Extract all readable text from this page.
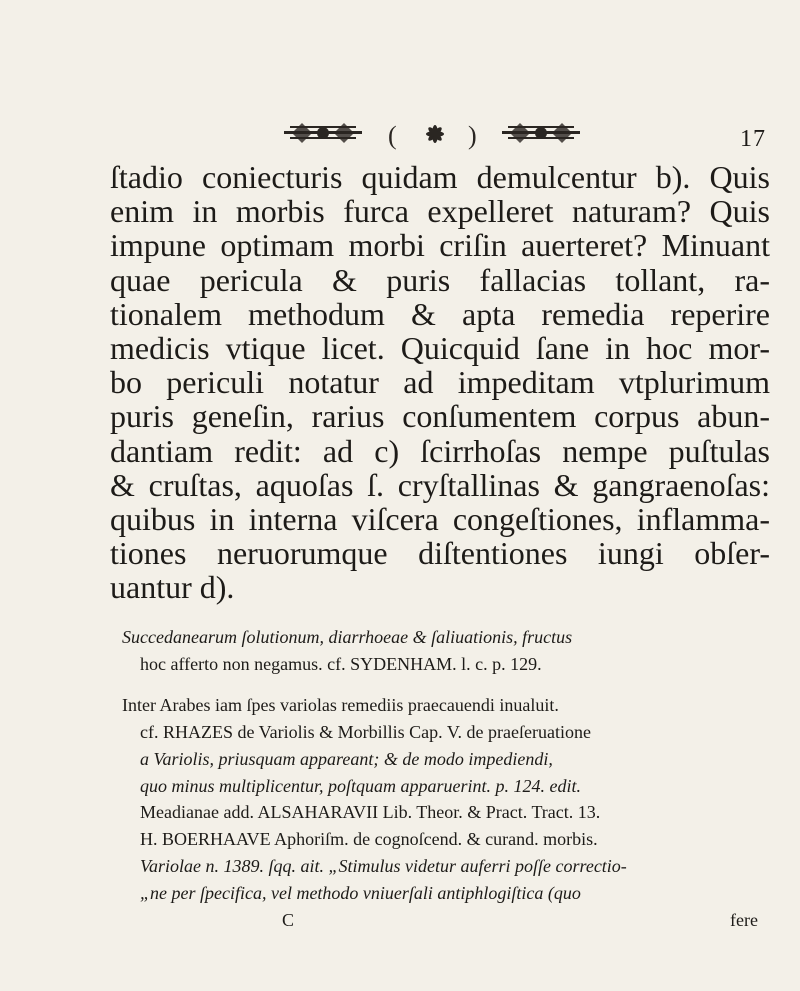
(	)	17
ſtadio coniecturis quidam demulcentur b). Quis
enim in morbis furca expelleret naturam? Quis
impune optimam morbi criſin auerteret? Minuant
quae pericula & puris fallacias tollant, ra-
tionalem methodum & apta remedia reperire
medicis vtique licet. Quicquid ſane in hoc mor-
bo periculi notatur ad impeditam vtplurimum
puris geneſin, rarius conſumentem corpus abun-
dantiam redit: ad c) ſcirrhoſas nempe puſtulas
& cruſtas, aquoſas ſ. cryſtallinas & gangraenoſas:
quibus in interna viſcera congeſtiones, inflamma-
tiones neruorumque diſtentiones iungi obſer-
uantur d).
Succedanearum ſolutionum, diarrhoeae & ſaliuationis, fructus
hoc afferto non negamus. cf. SYDENHAM. l. c. p. 129.
Inter Arabes iam ſpes variolas remediis praecauendi inualuit.
cf. RHAZES de Variolis & Morbillis Cap. V. de praeſeruatione
a Variolis, priusquam appareant; & de modo impediendi,
quo minus multiplicentur, poſtquam apparuerint. p. 124. edit.
Meadianae add. ALSAHARAVII Lib. Theor. & Pract. Tract. 13.
H. BOERHAAVE Aphoriſm. de cognoſcend. & curand. morbis.
Variolae n. 1389. ſqq. ait. „Stimulus videtur auferri poſſe correctio-
„ne per ſpecifica, vel methodo vniuerſali antiphlogiſtica (quo
C	fere
